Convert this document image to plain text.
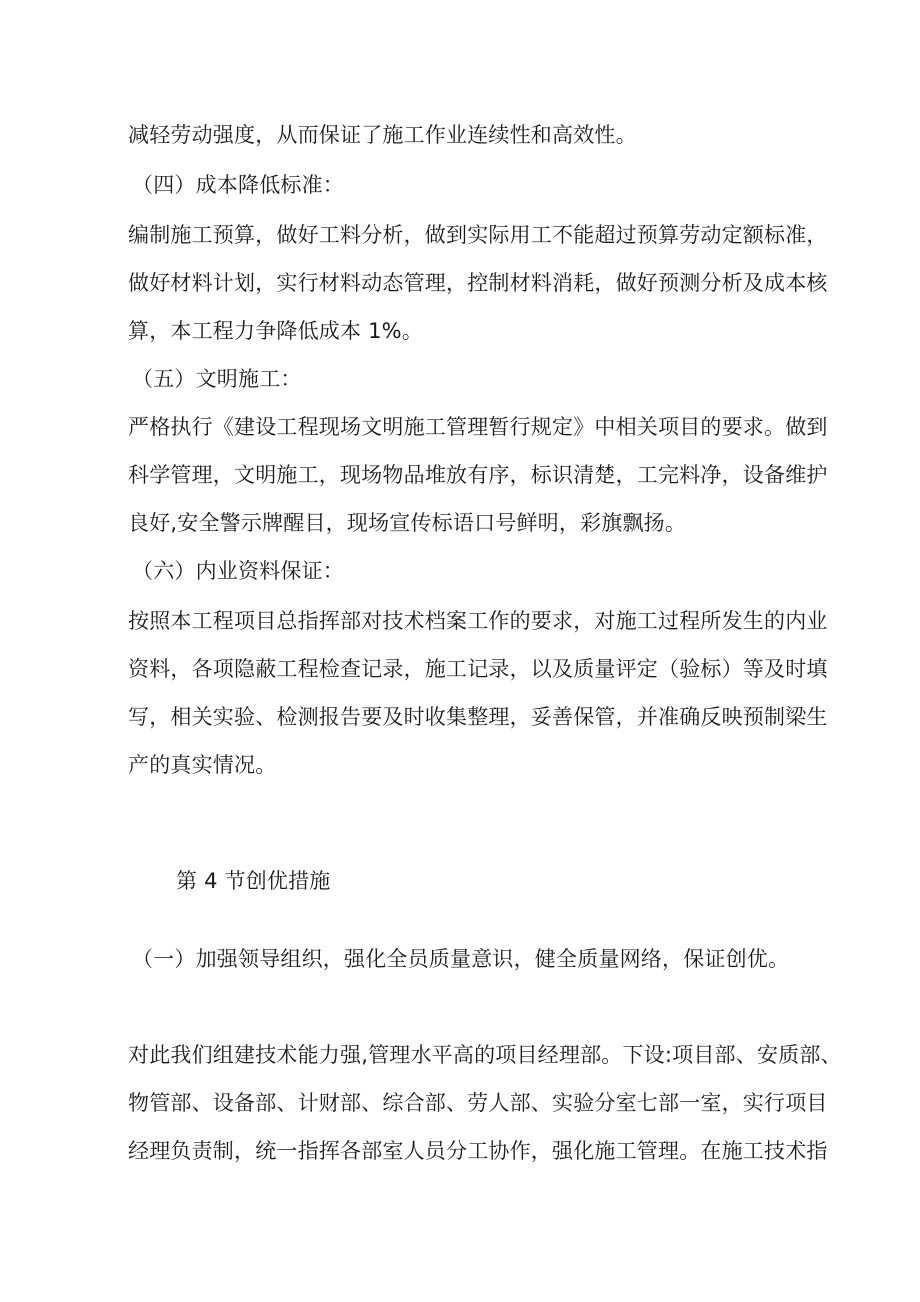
减轻劳动强度，从而保证了施工作业连续性和高效性。
（四）成本降低标准：
编制施工预算，做好工料分析，做到实际用工不能超过预算劳动定额标准，
做好材料计划，实行材料动态管理，控制材料消耗，做好预测分析及成本核
算，本工程力争降低成本 1%。
（五）文明施工：
严格执行《建设工程现场文明施工管理暂行规定》中相关项目的要求。做到
科学管理，文明施工，现场物品堆放有序，标识清楚，工完料净，设备维护
良好,安全警示牌醒目，现场宣传标语口号鲜明，彩旗飘扬。
（六）内业资料保证：
按照本工程项目总指挥部对技术档案工作的要求，对施工过程所发生的内业
资料，各项隐蔽工程检查记录，施工记录，以及质量评定（验标）等及时填
写，相关实验、检测报告要及时收集整理，妥善保管，并准确反映预制梁生
产的真实情况。
第 4 节创优措施
（一）加强领导组织，强化全员质量意识，健全质量网络，保证创优。
对此我们组建技术能力强,管理水平高的项目经理部。下设:项目部、安质部、
物管部、设备部、计财部、综合部、劳人部、实验分室七部一室，实行项目
经理负责制，统一指挥各部室人员分工协作，强化施工管理。在施工技术指
